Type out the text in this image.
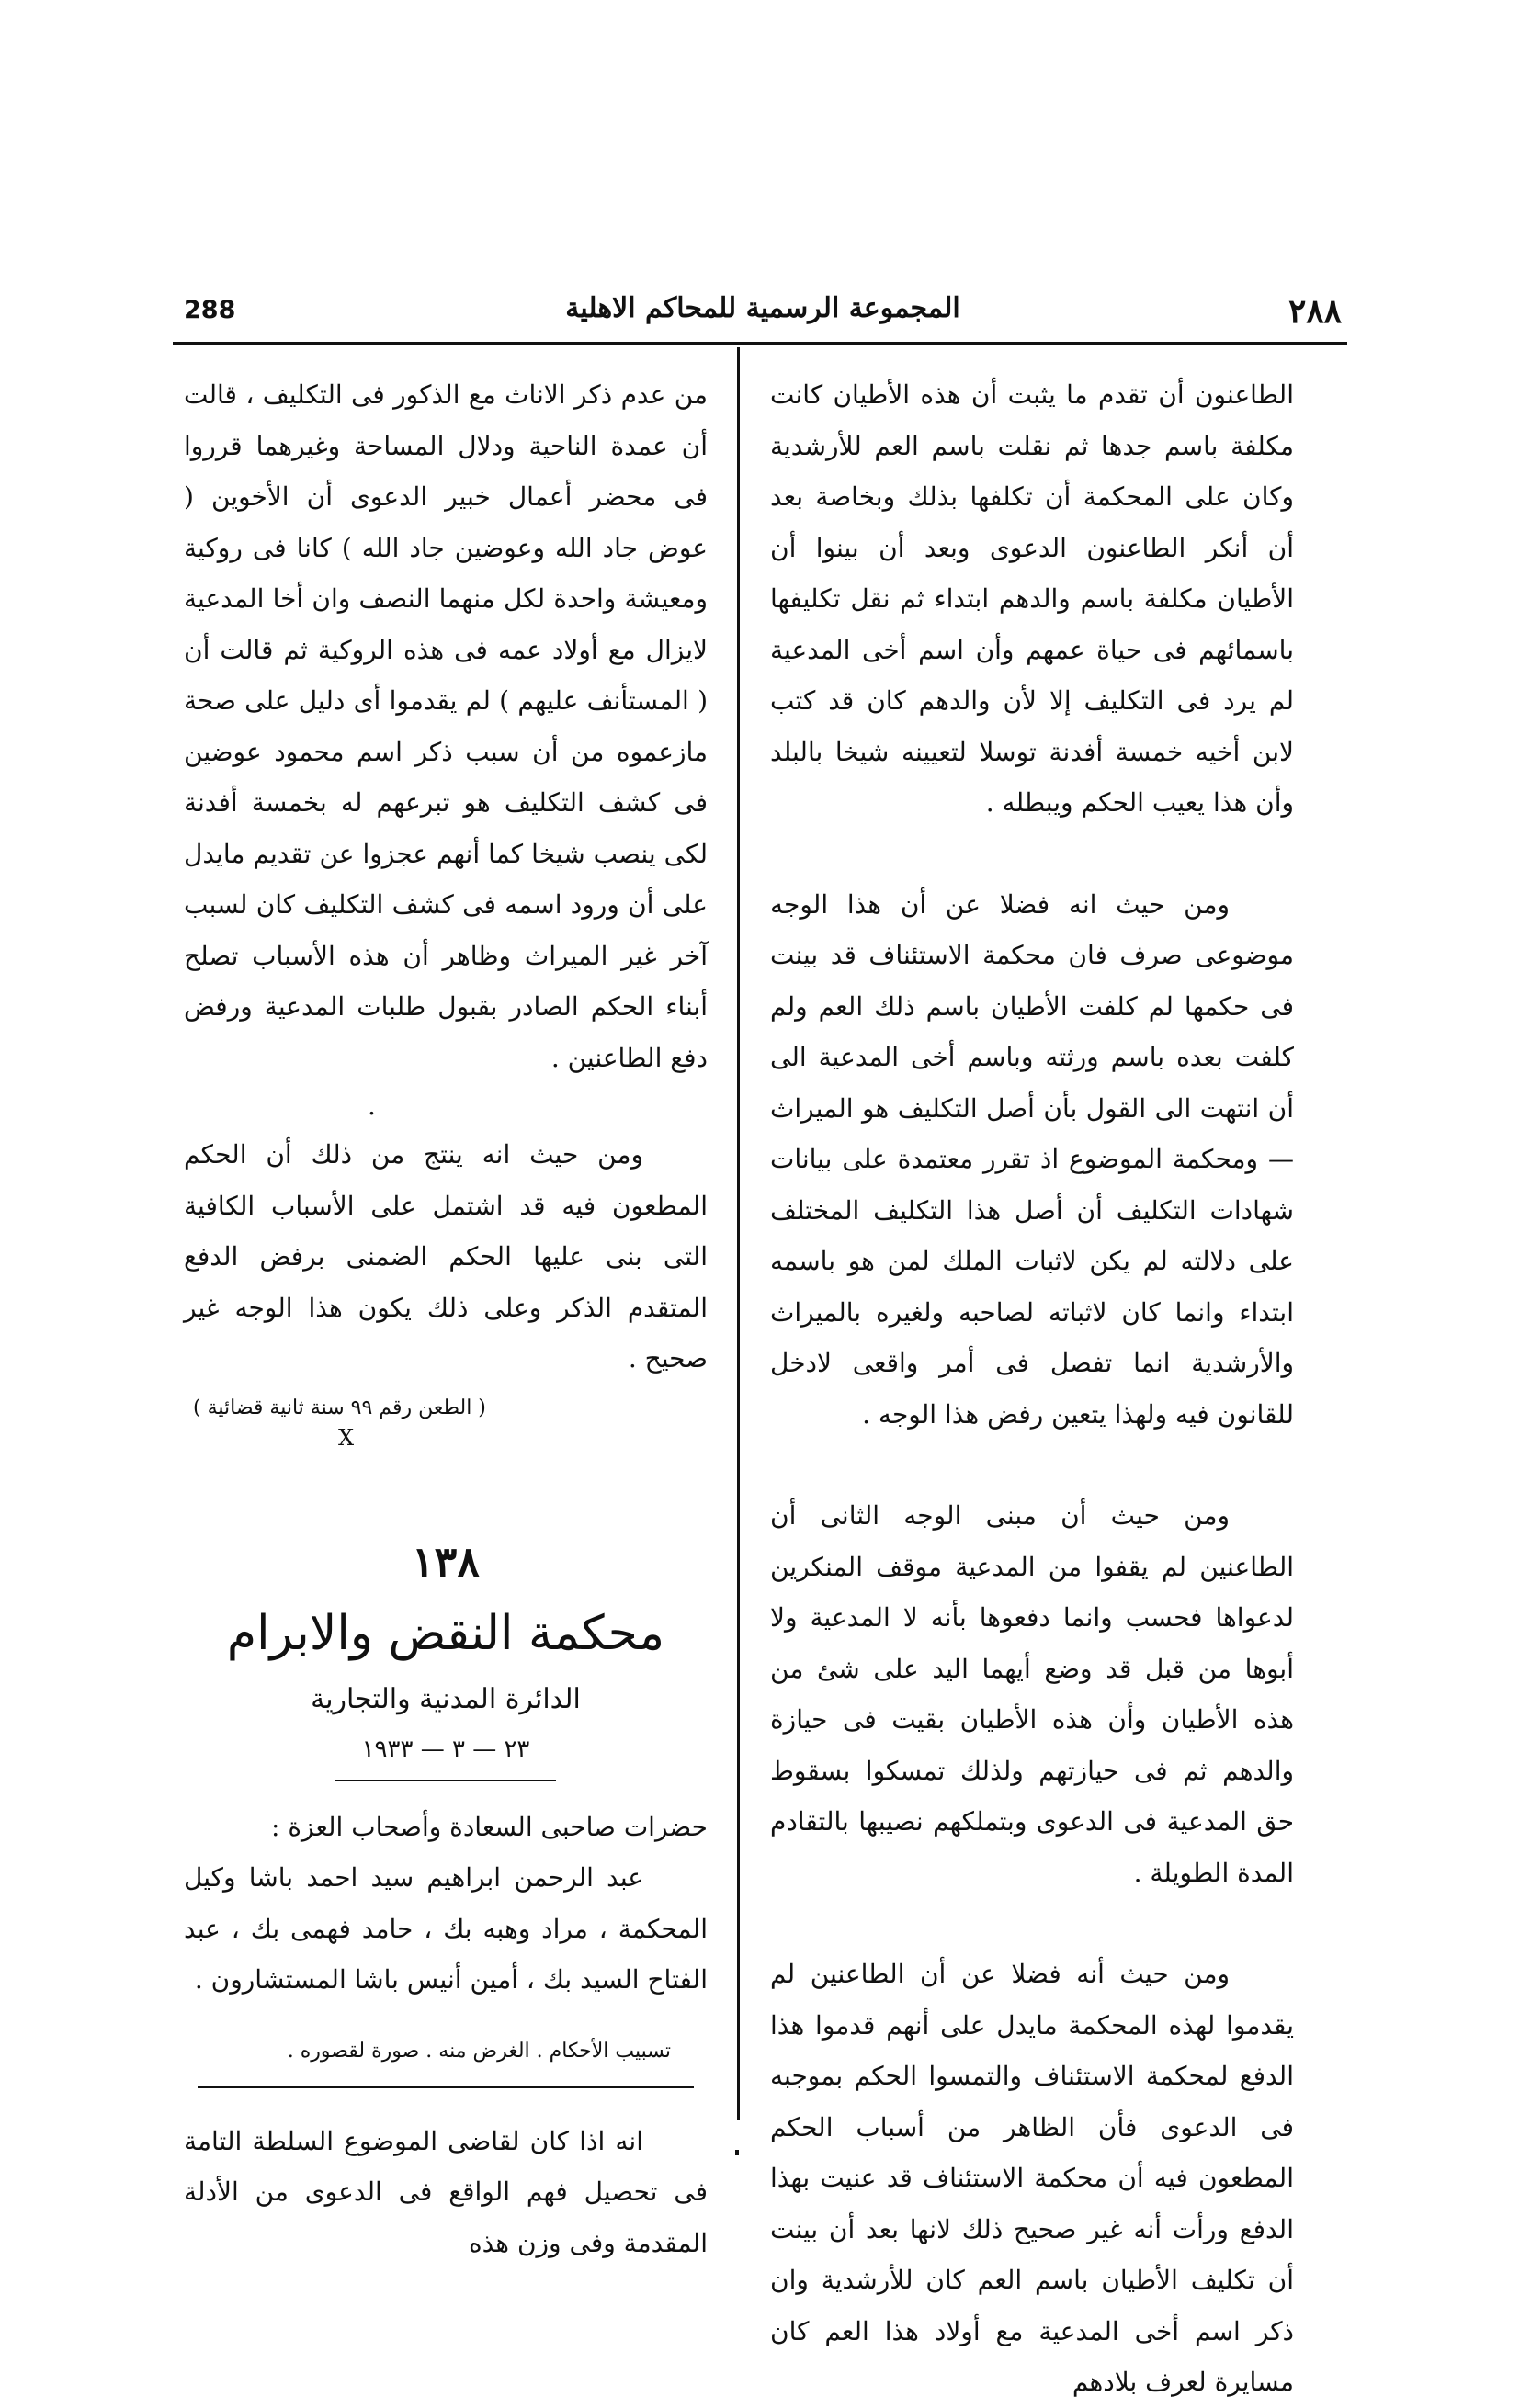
٢٨٨
المجموعة الرسمية للمحاكم الاهلية
288

الطاعنون أن تقدم ما يثبت أن هذه الأطيان كانت مكلفة باسم جدها ثم نقلت باسم العم للأرشدية وكان على المحكمة أن تكلفها بذلك وبخاصة بعد أن أنكر الطاعنون الدعوى وبعد أن بينوا أن الأطيان مكلفة باسم والدهم ابتداء ثم نقل تكليفها باسمائهم فى حياة عمهم وأن اسم أخى المدعية لم يرد فى التكليف إلا لأن والدهم كان قد كتب لابن أخيه خمسة أفدنة توسلا لتعيينه شيخا بالبلد وأن هذا يعيب الحكم ويبطله .

ومن حيث انه فضلا عن أن هذا الوجه موضوعى صرف فان محكمة الاستئناف قد بينت فى حكمها لم كلفت الأطيان باسم ذلك العم ولم كلفت بعده باسم ورثته وباسم أخى المدعية الى أن انتهت الى القول بأن أصل التكليف هو الميراث — ومحكمة الموضوع اذ تقرر معتمدة على بيانات شهادات التكليف أن أصل هذا التكليف المختلف على دلالته لم يكن لاثبات الملك لمن هو باسمه ابتداء وانما كان لاثباته لصاحبه ولغيره بالميراث والأرشدية انما تفصل فى أمر واقعى لادخل للقانون فيه ولهذا يتعين رفض هذا الوجه .

ومن حيث أن مبنى الوجه الثانى أن الطاعنين لم يقفوا من المدعية موقف المنكرين لدعواها فحسب وانما دفعوها بأنه لا المدعية ولا أبوها من قبل قد وضع أيهما اليد على شئ من هذه الأطيان وأن هذه الأطيان بقيت فى حيازة والدهم ثم فى حيازتهم ولذلك تمسكوا بسقوط حق المدعية فى الدعوى وبتملكهم نصيبها بالتقادم المدة الطويلة .

ومن حيث أنه فضلا عن أن الطاعنين لم يقدموا لهذه المحكمة مايدل على أنهم قدموا هذا الدفع لمحكمة الاستئناف والتمسوا الحكم بموجبه فى الدعوى فأن الظاهر من أسباب الحكم المطعون فيه أن محكمة الاستئناف قد عنيت بهذا الدفع ورأت أنه غير صحيح ذلك لانها بعد أن بينت أن تكليف الأطيان باسم العم كان للأرشدية وان ذكر اسم أخى المدعية مع أولاد هذا العم كان مسايرة لعرف بلادهم

من عدم ذكر الاناث مع الذكور فى التكليف ، قالت أن عمدة الناحية ودلال المساحة وغيرهما قرروا فى محضر أعمال خبير الدعوى أن الأخوين ( عوض جاد الله وعوضين جاد الله ) كانا فى روكية ومعيشة واحدة لكل منهما النصف وان أخا المدعية لايزال مع أولاد عمه فى هذه الروكية ثم قالت أن ( المستأنف عليهم ) لم يقدموا أى دليل على صحة مازعموه من أن سبب ذكر اسم محمود عوضين فى كشف التكليف هو تبرعهم له بخمسة أفدنة لكى ينصب شيخا كما أنهم عجزوا عن تقديم مايدل على أن ورود اسمه فى كشف التكليف كان لسبب آخر غير الميراث وظاهر أن هذه الأسباب تصلح أبناء الحكم الصادر بقبول طلبات المدعية ورفض دفع الطاعنين .

.

ومن حيث انه ينتج من ذلك أن الحكم المطعون فيه قد اشتمل على الأسباب الكافية التى بنى عليها الحكم الضمنى برفض الدفع المتقدم الذكر وعلى ذلك يكون هذا الوجه غير صحيح .

( الطعن رقم ٩٩ سنة ثانية قضائية )
X
١٣٨
محكمة النقض والابرام
الدائرة المدنية والتجارية
٢٣ — ٣ — ١٩٣٣

حضرات صاحبى السعادة وأصحاب العزة :

عبد الرحمن ابراهيم سيد احمد باشا وكيل المحكمة ، مراد وهبه بك ، حامد فهمى بك ، عبد الفتاح السيد بك ، أمين أنيس باشا المستشارون .

تسبيب الأحكام . الغرض منه . صورة لقصوره .

انه اذا كان لقاضى الموضوع السلطة التامة فى تحصيل فهم الواقع فى الدعوى من الأدلة المقدمة وفى وزن هذه
